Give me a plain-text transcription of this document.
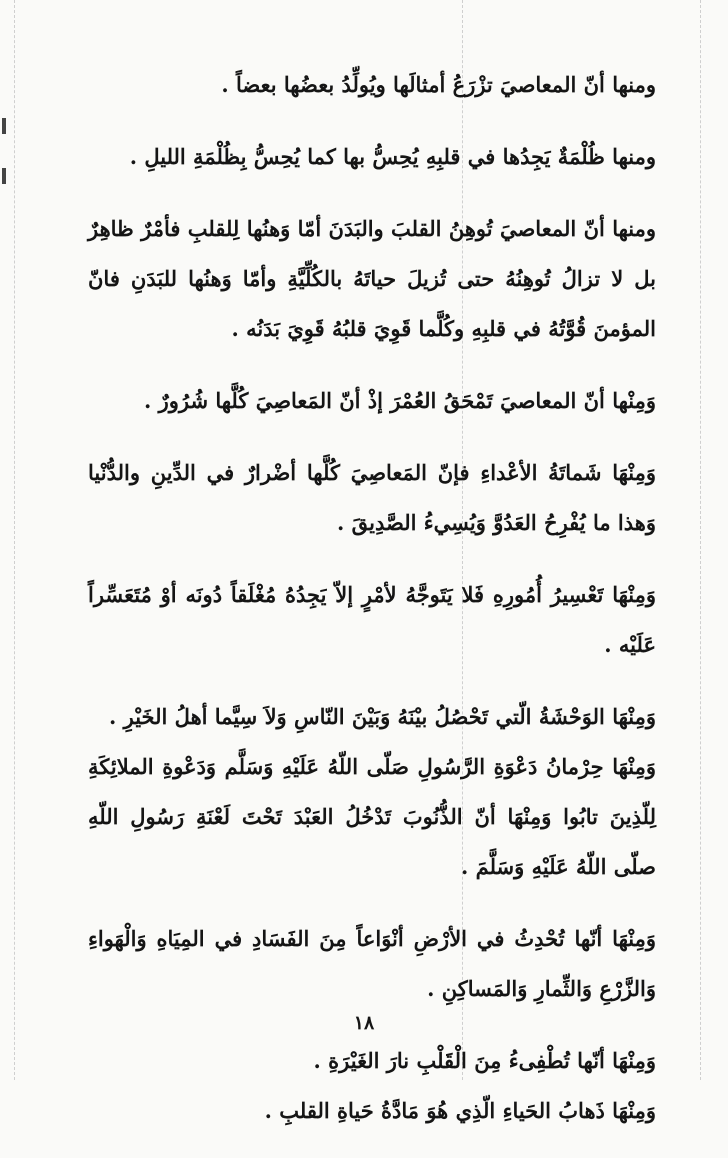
ومنها أنّ المعاصيَ تزْرَعُ أمثالَها ويُولِّدُ بعضُها بعضاً .

ومنها ظُلْمَةٌ يَجِدُها في قلبِهِ يُحِسُّ بها كما يُحِسُّ بِظُلْمَةِ الليلِ .

ومنها أنّ المعاصيَ تُوهِنُ القلبَ والبَدَنَ أمّا وَهنُها لِلقلبِ فأمْرٌ ظاهِرٌ بل لا تزالُ تُوهِنُهُ حتى تُزيلَ حياتَهُ بالكُلِّيَّةِ وأمّا وَهنُها للبَدَنِ فانّ المؤمنَ قُوَّتُهُ في قلبِهِ وكُلَّما قَوِيَ قلبُهُ قَوِيَ بَدَنُه .

وَمِنْها أنّ المعاصيَ تَمْحَقُ العُمْرَ إذْ أنّ المَعاصِيَ كُلَّها شُرُورٌ .

وَمِنْهَا شَماتَةُ الأعْداءِ فإنّ المَعاصِيَ كُلَّها أضْرارٌ في الدِّينِ والدُّنْيا وَهذا ما يُفْرِحُ العَدُوَّ وَيُسِيءُ الصَّدِيقَ .

وَمِنْهَا تَعْسِيرُ أُمُورِهِ فَلا يَتَوجَّهُ لأمْرٍ إلاّ يَجِدُهُ مُغْلَقاً دُونَه أوْ مُتَعَسِّراً عَلَيْه .

وَمِنْهَا الوَحْشَةُ الّتي تَحْصُلُ بيْنَهُ وَبَيْنَ النّاسِ وَلاَ سِيَّما أهلُ الخَيْرِ .

وَمِنْهَا حِرْمانُ دَعْوَةِ الرَّسُولِ صَلّى اللّهُ عَلَيْهِ وَسَلَّم وَدَعْوةِ الملائِكَةِ لِلّذِينَ تابُوا وَمِنْهَا أنّ الذُّنُوبَ تَدْخُلُ العَبْدَ تَحْتَ لَعْنَةِ رَسُولِ اللّهِ صلّى اللّهُ عَلَيْهِ وَسَلَّمَ .

وَمِنْهَا أنّها تُحْدِثُ في الأرْضِ أنْوَاعاً مِنَ الفَسَادِ في المِيَاهِ وَالْهَواءِ وَالزَّرْعِ وَالثِّمارِ وَالمَساكِنِ .

وَمِنْهَا أنّها تُطْفِىءُ مِنَ الْقَلْبِ نارَ الغَيْرَةِ .

وَمِنْهَا ذَهابُ الحَياءِ الّذِي هُوَ مَادَّةُ حَياةِ القلبِ .

١٨
